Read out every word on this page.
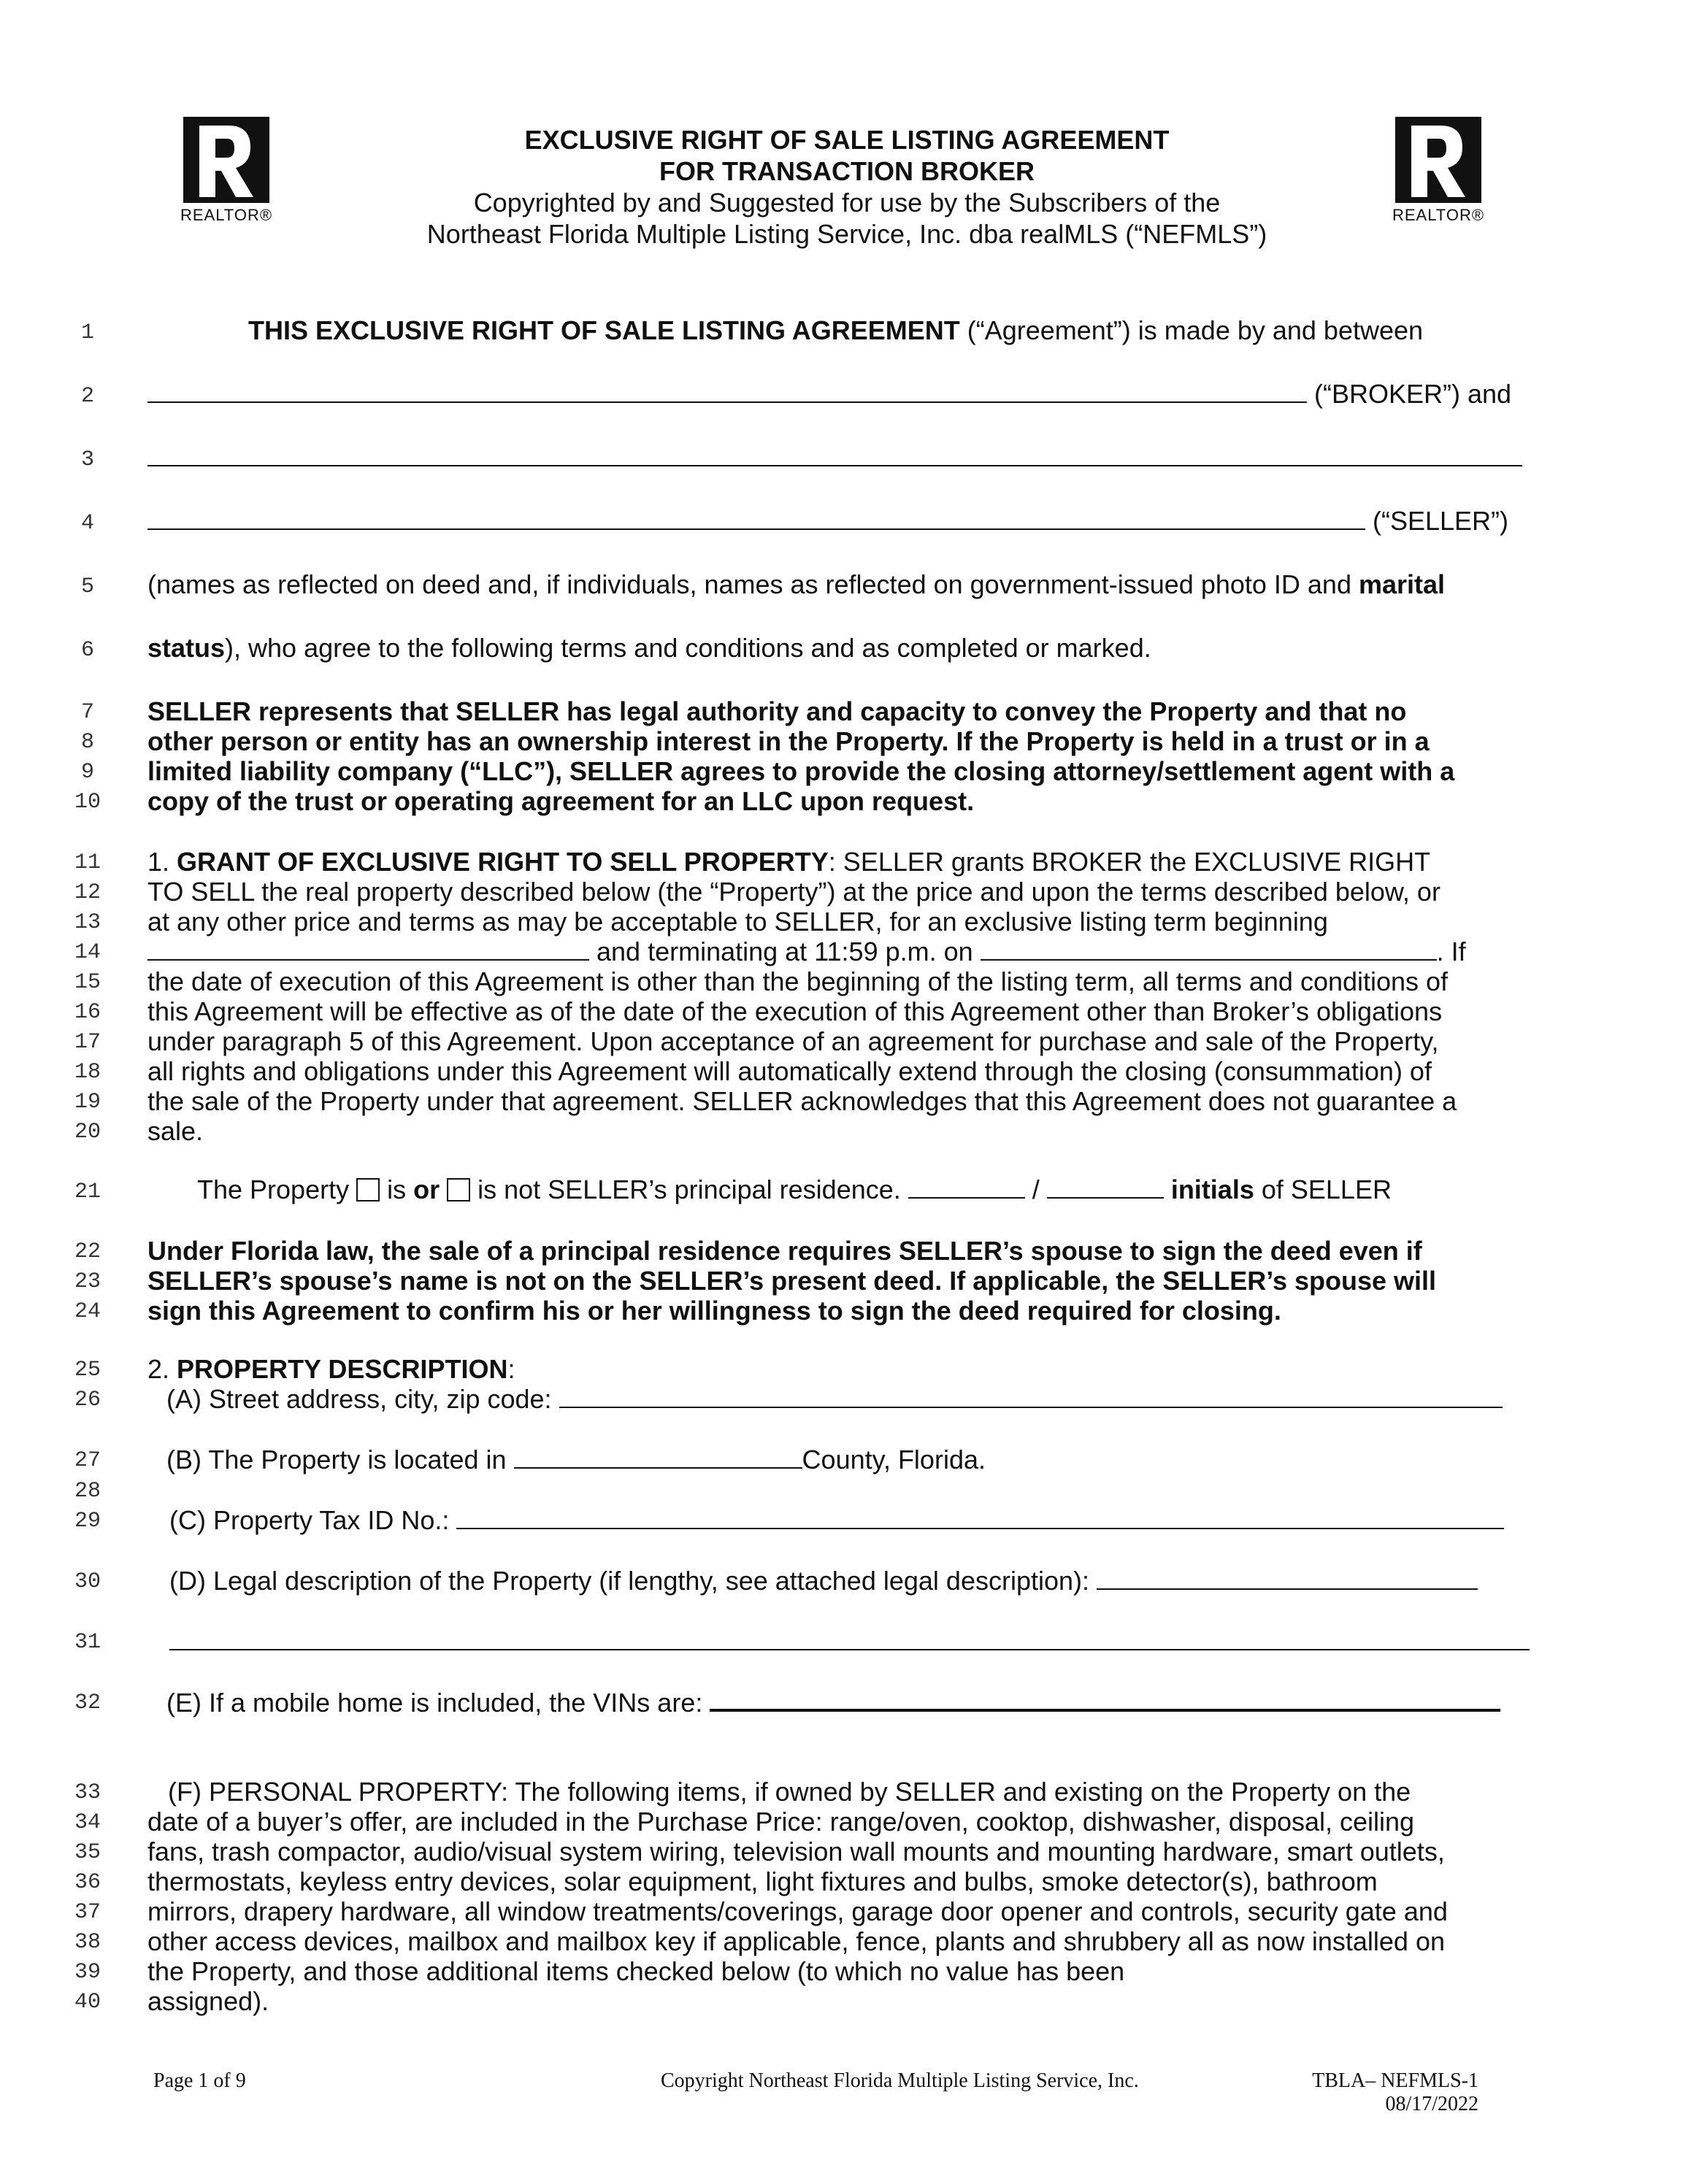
REALTOR®	REALTOR®
EXCLUSIVE RIGHT OF SALE LISTING AGREEMENT
FOR TRANSACTION BROKER
Copyrighted by and Suggested for use by the Subscribers of the
Northeast Florida Multiple Listing Service, Inc. dba realMLS (“NEFMLS”)
1
2
3
4
5
6
7
8
9
10
11
12
13
14
15
16
17
18
19
20
21
22
23
24
25
26
27
28
29
30
31
32
33
34
35
36
37
38
39
40
THIS EXCLUSIVE RIGHT OF SALE LISTING AGREEMENT (“Agreement”) is made by and between
(“BROKER”) and
(“SELLER”)
(names as reflected on deed and, if individuals, names as reflected on government-issued photo ID and marital
status), who agree to the following terms and conditions and as completed or marked.
SELLER represents that SELLER has legal authority and capacity to convey the Property and that no
other person or entity has an ownership interest in the Property. If the Property is held in a trust or in a
limited liability company (“LLC”), SELLER agrees to provide the closing attorney/settlement agent with a
copy of the trust or operating agreement for an LLC upon request.
1. GRANT OF EXCLUSIVE RIGHT TO SELL PROPERTY: SELLER grants BROKER the EXCLUSIVE RIGHT
TO SELL the real property described below (the “Property”) at the price and upon the terms described below, or
at any other price and terms as may be acceptable to SELLER, for an exclusive listing term beginning
and terminating at 11:59 p.m. on	. If
the date of execution of this Agreement is other than the beginning of the listing term, all terms and conditions of
this Agreement will be effective as of the date of the execution of this Agreement other than Broker’s obligations
under paragraph 5 of this Agreement. Upon acceptance of an agreement for purchase and sale of the Property,
all rights and obligations under this Agreement will automatically extend through the closing (consummation) of
the sale of the Property under that agreement. SELLER acknowledges that this Agreement does not guarantee a
sale.
The Property  is or  is not SELLER’s principal residence.	/	initials of SELLER
Under Florida law, the sale of a principal residence requires SELLER’s spouse to sign the deed even if
SELLER’s spouse’s name is not on the SELLER’s present deed. If applicable, the SELLER’s spouse will
sign this Agreement to confirm his or her willingness to sign the deed required for closing.
2. PROPERTY DESCRIPTION:
(A) Street address, city, zip code:
(B) The Property is located in	County, Florida.
(C) Property Tax ID No.:
(D) Legal description of the Property (if lengthy, see attached legal description):
(E) If a mobile home is included, the VINs are:
(F) PERSONAL PROPERTY: The following items, if owned by SELLER and existing on the Property on the
date of a buyer’s offer, are included in the Purchase Price: range/oven, cooktop, dishwasher, disposal, ceiling
fans, trash compactor, audio/visual system wiring, television wall mounts and mounting hardware, smart outlets,
thermostats, keyless entry devices, solar equipment, light fixtures and bulbs, smoke detector(s), bathroom
mirrors, drapery hardware, all window treatments/coverings, garage door opener and controls, security gate and
other access devices, mailbox and mailbox key if applicable, fence, plants and shrubbery all as now installed on
the Property, and those additional items checked below (to which no value has been
assigned).
Page 1 of 9	Copyright Northeast Florida Multiple Listing Service, Inc.	TBLA– NEFMLS-1
08/17/2022
